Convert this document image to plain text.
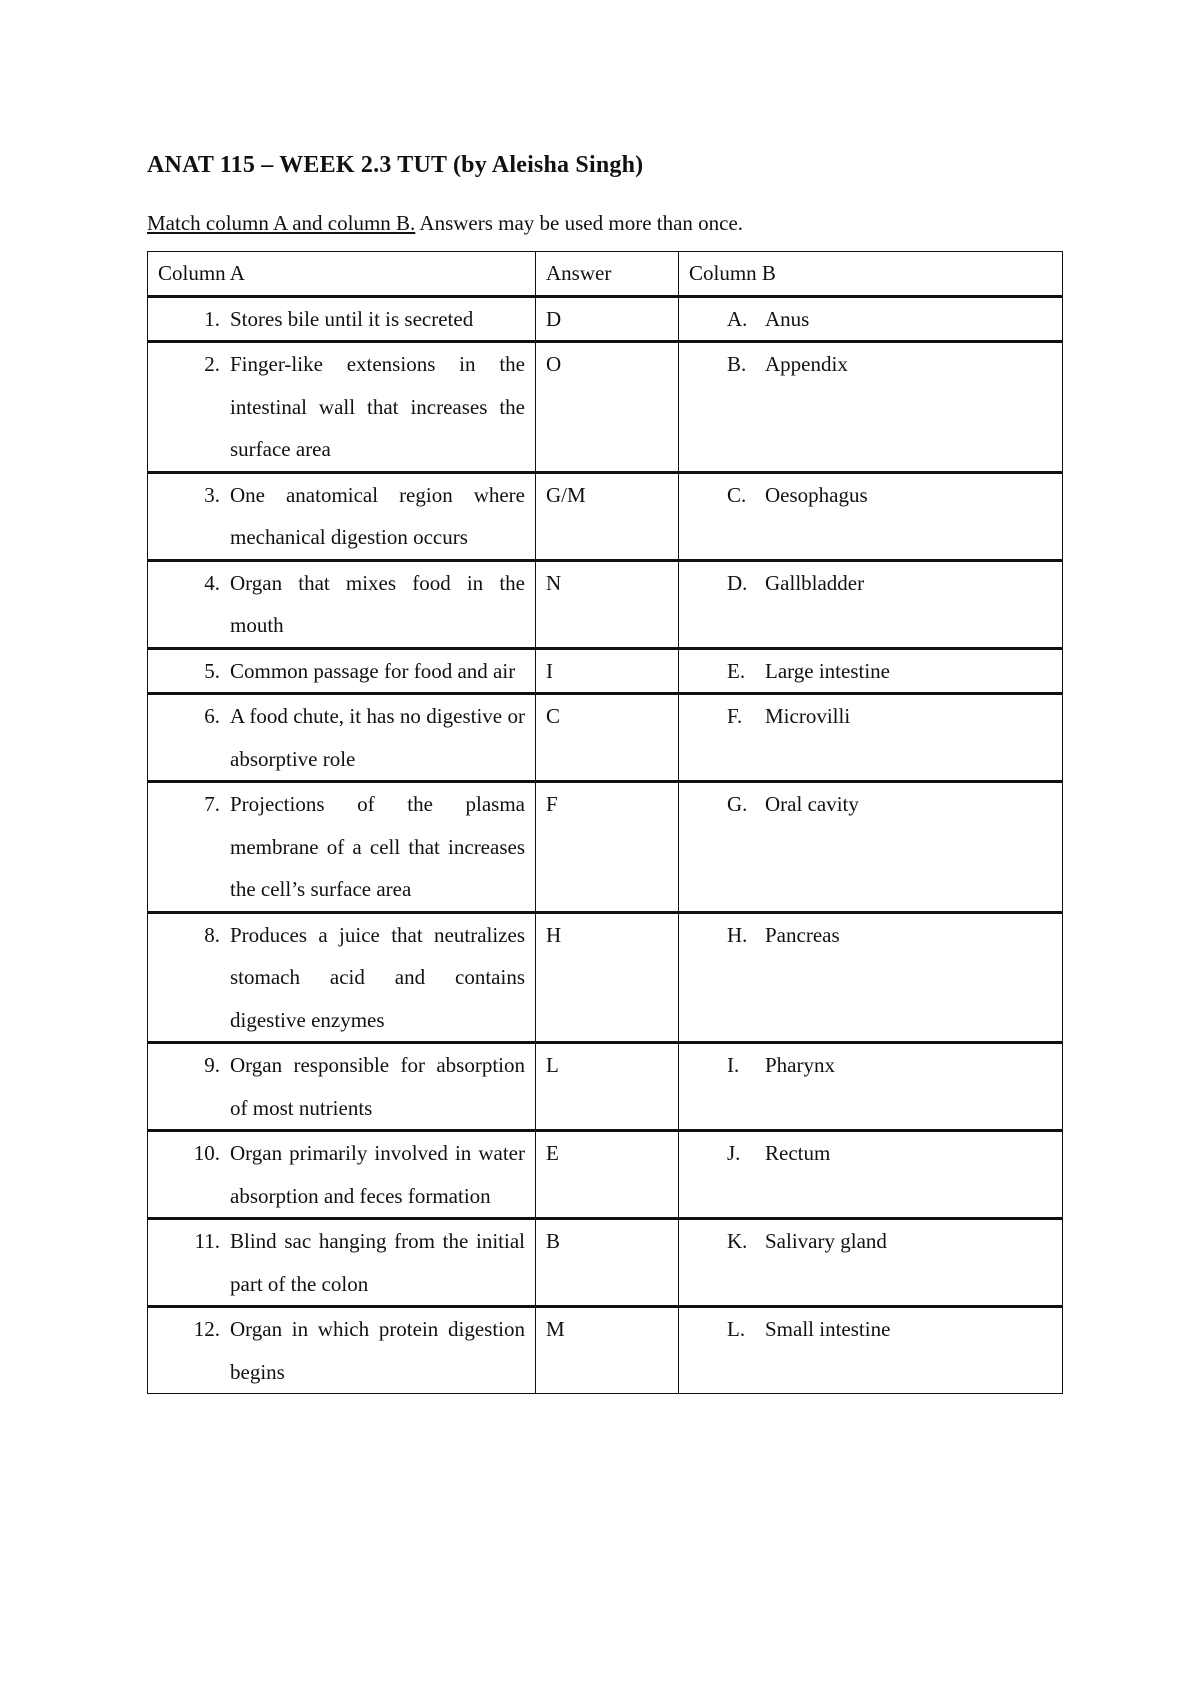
ANAT 115 – WEEK 2.3 TUT (by Aleisha Singh)
Match column A and column B. Answers may be used more than once.
Column A	Answer	Column B

1. Stores bile until it is secreted	D	A. Anus

2. Finger-like extensions in the intestinal wall that increases the surface area	O	B. Appendix

3. One anatomical region where mechanical digestion occurs	G/M	C. Oesophagus

4. Organ that mixes food in the mouth	N	D. Gallbladder

5. Common passage for food and air	I	E. Large intestine

6. A food chute, it has no digestive or absorptive role	C	F. Microvilli

7. Projections of the plasma membrane of a cell that increases the cell’s surface area	F	G. Oral cavity

8. Produces a juice that neutralizes stomach acid and contains digestive enzymes	H	H. Pancreas

9. Organ responsible for absorption of most nutrients	L	I. Pharynx

10. Organ primarily involved in water absorption and feces formation	E	J. Rectum

11. Blind sac hanging from the initial part of the colon	B	K. Salivary gland

12. Organ in which protein digestion begins	M	L. Small intestine
